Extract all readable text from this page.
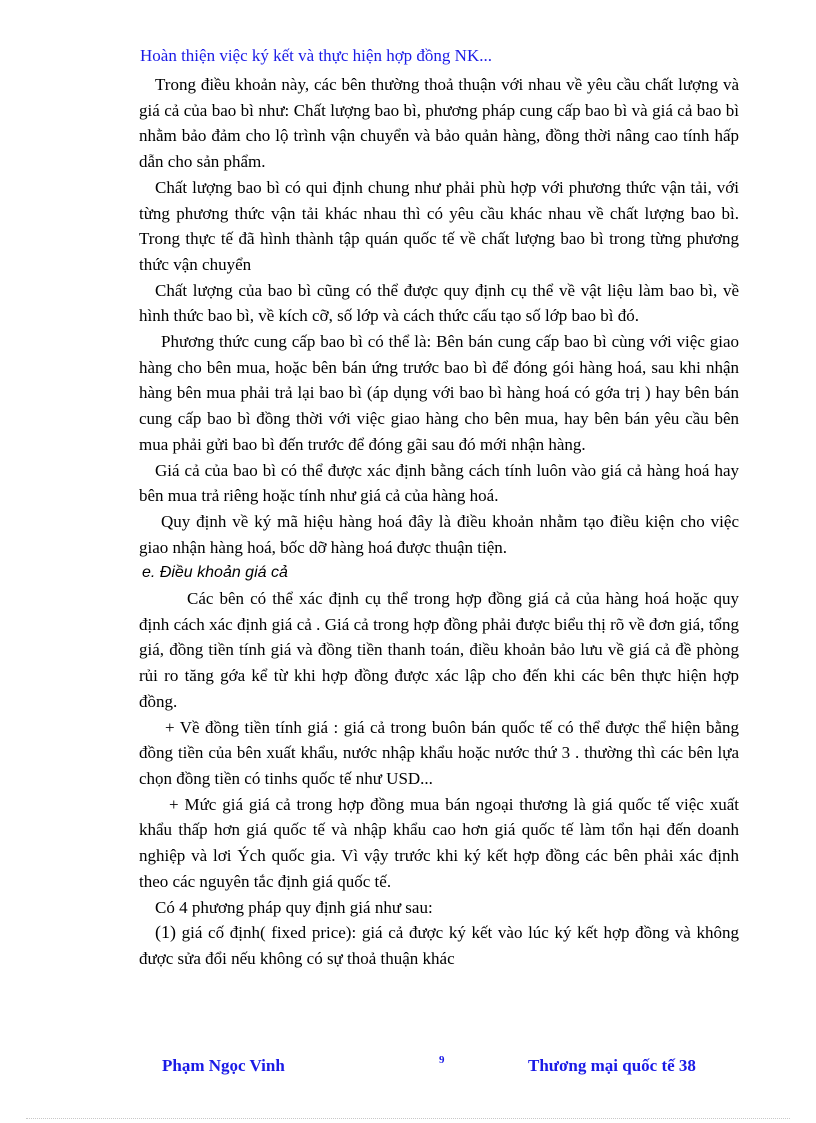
Hoàn thiện việc ký kết và thực hiện hợp đồng NK...

Trong điều khoản này, các bên thường thoả thuận với nhau về yêu cầu chất lượng và giá cả của bao bì như: Chất lượng bao bì, phương pháp cung cấp bao bì và giá cả bao bì nhằm bảo đảm cho lộ trình vận chuyển và bảo quản hàng, đồng thời nâng cao tính hấp dẫn cho sản phẩm.

Chất lượng bao bì có qui định chung như phải phù hợp với phương thức vận tải, với từng phương thức vận tải khác nhau thì có yêu cầu khác nhau về chất lượng bao bì. Trong thực tế đã hình thành tập quán quốc tế về chất lượng bao bì trong từng phương thức vận chuyển

Chất lượng của bao bì cũng có thể được quy định cụ thể về vật liệu làm bao bì, về hình thức bao bì, về kích cỡ, số lớp và cách thức cấu tạo số lớp bao bì đó.

Phương thức cung cấp bao bì có thể là: Bên bán cung cấp bao bì cùng với việc giao hàng cho bên mua, hoặc bên bán ứng trước bao bì để đóng gói hàng hoá, sau khi nhận hàng bên mua phải trả lại bao bì (áp dụng với bao bì hàng hoá có gớa trị ) hay bên bán cung cấp bao bì đồng thời với việc giao hàng cho bên mua, hay bên bán yêu cầu bên mua phải gửi bao bì đến trước để đóng gãi sau đó mới nhận hàng.

Giá cả của bao bì có thể được xác định bằng cách tính luôn vào giá cả hàng hoá hay bên mua trả riêng hoặc tính như giá cả của hàng hoá.

Quy định về ký mã hiệu hàng hoá đây là điều khoản nhằm tạo điều kiện cho việc giao nhận hàng hoá, bốc dỡ hàng hoá được thuận tiện.

e. Điều khoản giá cả

Các bên có thể xác định cụ thể trong hợp đồng giá cả của hàng hoá hoặc quy định cách xác định giá cả . Giá cả trong hợp đồng phải được biểu thị rõ về đơn giá, tổng giá, đồng tiền tính giá và đồng tiền thanh toán, điều khoản bảo lưu về giá cả đề phòng rủi ro tăng gớa kể từ khi hợp đồng được xác lập cho đến khi các bên thực hiện hợp đồng.

+ Về đồng tiền tính giá : giá cả trong buôn bán quốc tế có thể được thể hiện bằng đồng tiền của bên xuất khẩu, nước nhập khẩu hoặc nước thứ 3 . thường thì các bên lựa chọn đồng tiền có tinhs quốc tế như USD...

+ Mức giá giá cả trong hợp đồng mua bán ngoại thương là giá quốc tế việc xuất khẩu thấp hơn giá quốc tế và nhập khẩu cao hơn giá quốc tế làm tổn hại đến doanh nghiệp và lơi Ých quốc gia. Vì vậy trước khi ký kết hợp đồng các bên phải xác định theo các nguyên tắc định giá quốc tế.

Có 4 phương pháp quy định giá như sau:

(1) giá cố định( fixed price): giá cả được ký kết vào lúc ký kết hợp đồng và không được sửa đổi nếu không có sự thoả thuận khác

Phạm Ngọc Vinh	9	Thương mại quốc tế 38
